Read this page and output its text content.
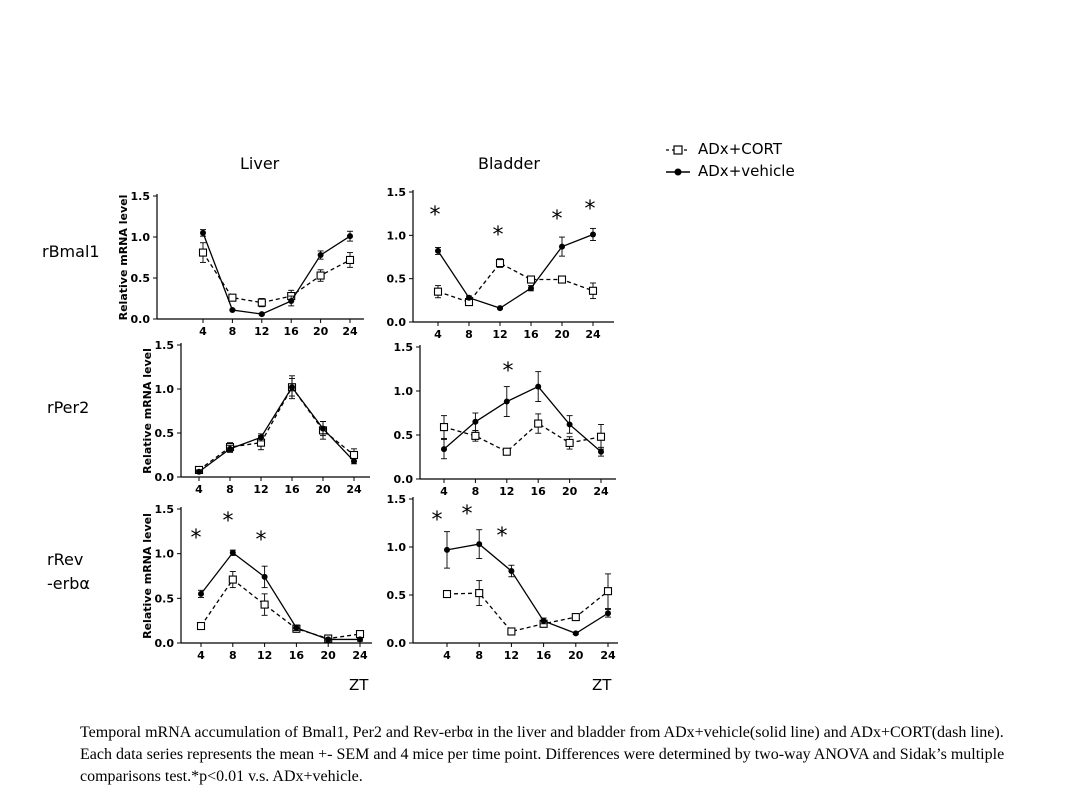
0.0
0.5
1.0
1.5
4 8 12 16 20 24
Relative mRNA level
0.0
0.5
1.0
1.5
4 8 12 16 20 24
*
*
* *
0.0
0.5
1.0
1.5
4 8 12 16 20 24
Relative mRNA level
0.0
0.5
1.0
1.5
4 8 12 16 20 24
*
0.0
0.5
1.0
1.5
4 8 12 16 20 24
Relative mRNA level *
*
*
0.0
0.5
1.0
1.5
4 8 12 16 20 24
* *
*
Liver	Bladder
rBmal1
rPer2
rRev
-erbα
ADx+CORT
ADx+vehicle
ZT	ZT
Temporal mRNA accumulation of Bmal1, Per2 and Rev-erbα in the liver and bladder from ADx+vehicle(solid line) and ADx+CORT(dash line). Each data series represents the mean +- SEM and 4 mice per time point. Differences were determined by two-way ANOVA and Sidak’s multiple comparisons test.*p<0.01 v.s. ADx+vehicle.
